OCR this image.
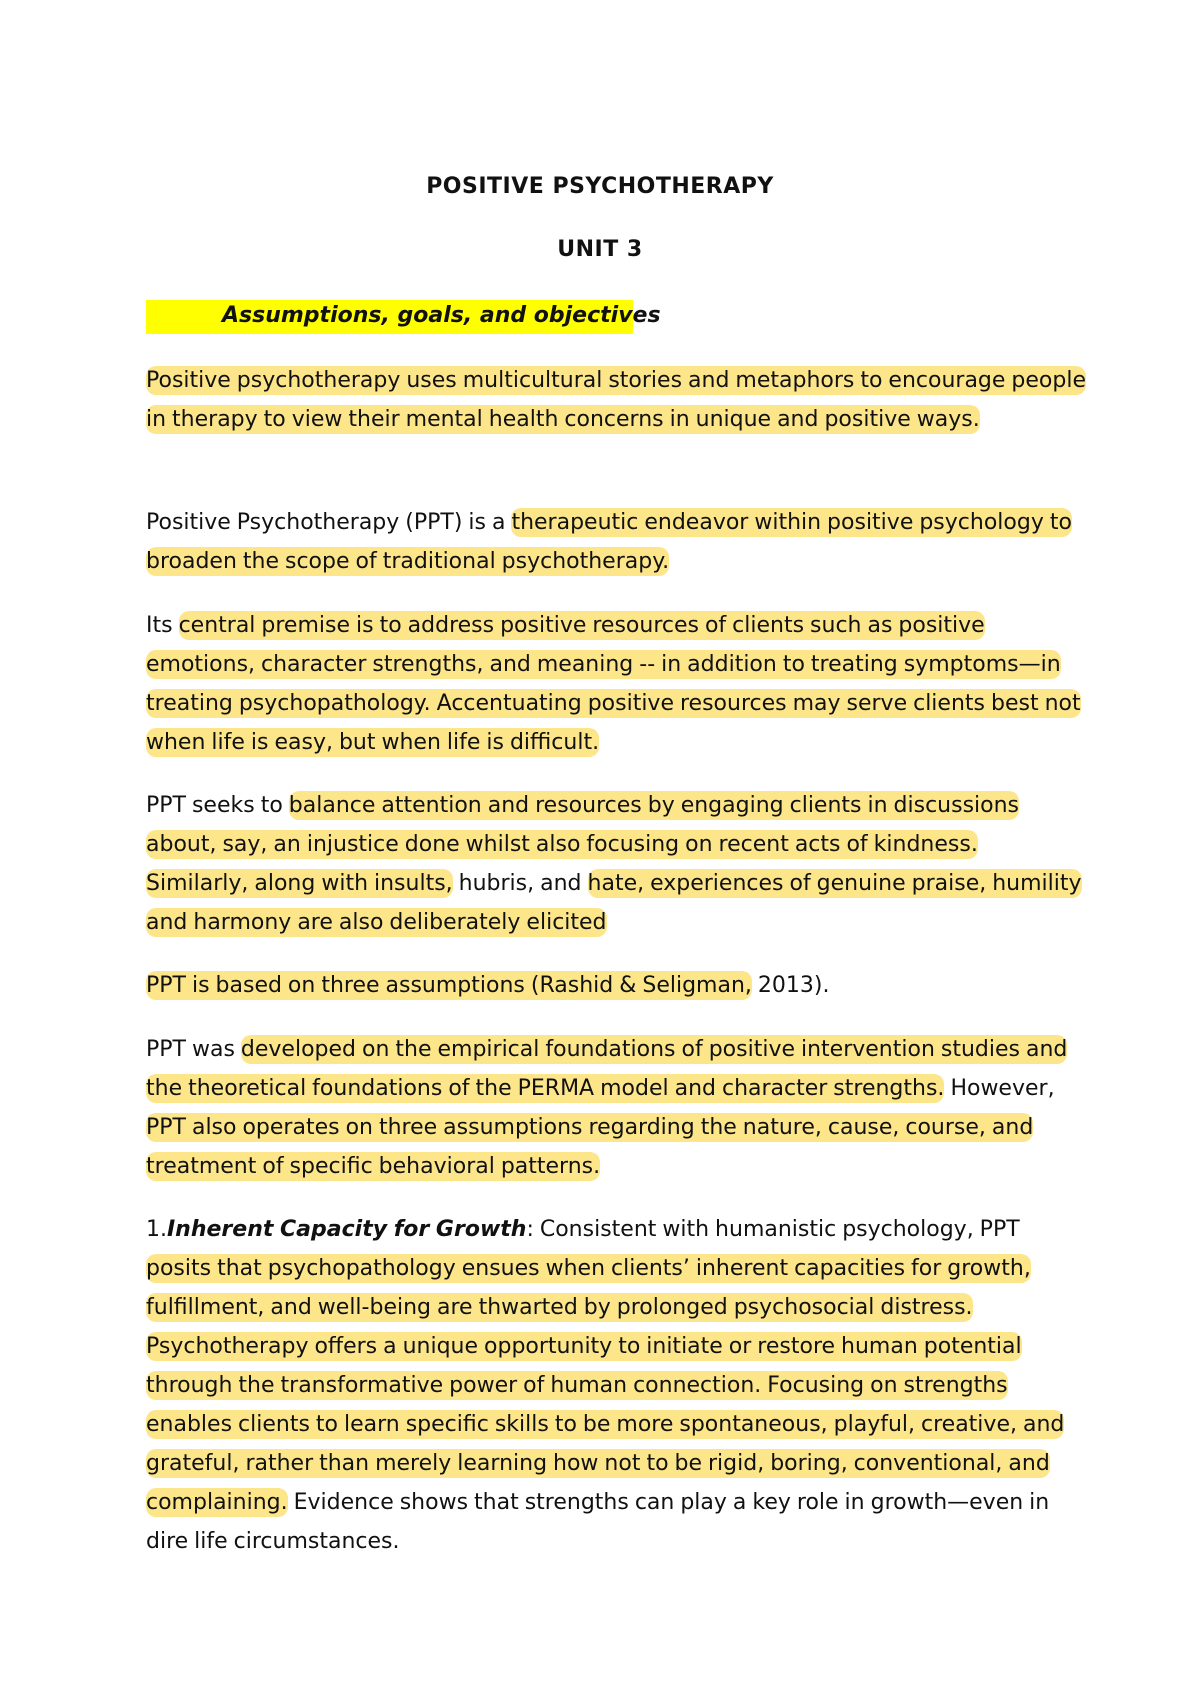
POSITIVE PSYCHOTHERAPY
UNIT 3
Assumptions, goals, and objectives

Positive psychotherapy uses multicultural stories and metaphors to encourage people in therapy to view their mental health concerns in unique and positive ways.

Positive Psychotherapy (PPT) is a therapeutic endeavor within positive psychology to broaden the scope of traditional psychotherapy.

Its central premise is to address positive resources of clients such as positive emotions, character strengths, and meaning -- in addition to treating symptoms—in treating psychopathology. Accentuating positive resources may serve clients best not when life is easy, but when life is difficult.

PPT seeks to balance attention and resources by engaging clients in discussions about, say, an injustice done whilst also focusing on recent acts of kindness. Similarly, along with insults, hubris, and hate, experiences of genuine praise, humility and harmony are also deliberately elicited

PPT is based on three assumptions (Rashid & Seligman, 2013).

PPT was developed on the empirical foundations of positive intervention studies and the theoretical foundations of the PERMA model and character strengths. However, PPT also operates on three assumptions regarding the nature, cause, course, and treatment of specific behavioral patterns.

1.Inherent Capacity for Growth: Consistent with humanistic psychology, PPT posits that psychopathology ensues when clients’ inherent capacities for growth, fulfillment, and well-being are thwarted by prolonged psychosocial distress. Psychotherapy offers a unique opportunity to initiate or restore human potential through the transformative power of human connection. Focusing on strengths enables clients to learn specific skills to be more spontaneous, playful, creative, and grateful, rather than merely learning how not to be rigid, boring, conventional, and complaining. Evidence shows that strengths can play a key role in growth—even in dire life circumstances.
